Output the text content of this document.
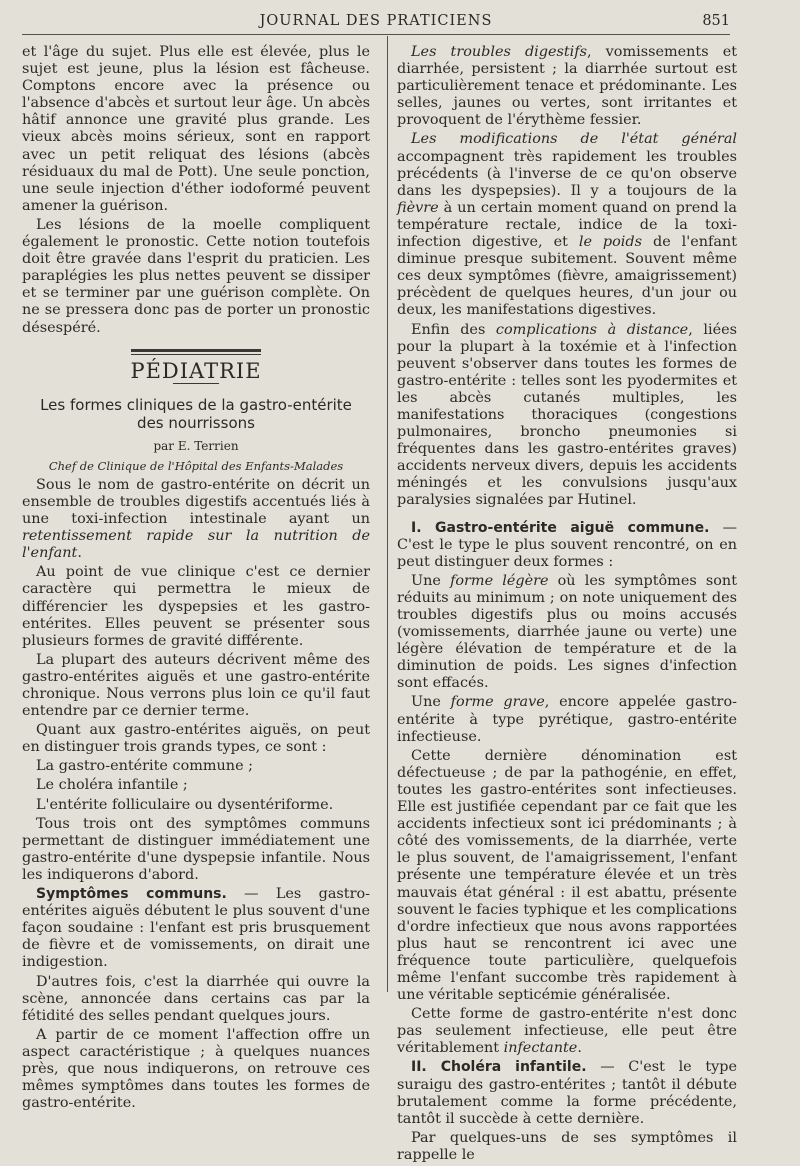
JOURNAL DES PRATICIENS	851

et l'âge du sujet. Plus elle est élevée, plus le sujet est jeune, plus la lésion est fâcheuse. Comptons encore avec la présence ou l'absence d'abcès et surtout leur âge. Un abcès hâtif annonce une gravité plus grande. Les vieux abcès moins sérieux, sont en rapport avec un petit reliquat des lésions (abcès résiduaux du mal de Pott). Une seule ponction, une seule injection d'éther iodoformé peuvent amener la guérison.

Les lésions de la moelle compliquent également le pronostic. Cette notion toutefois doit être gravée dans l'esprit du praticien. Les paraplégies les plus nettes peuvent se dissiper et se terminer par une guérison complète. On ne se pressera donc pas de porter un pronostic désespéré.

PÉDIATRIE
Les formes cliniques de la gastro-entérite
des nourrissons
par E. Terrien
Chef de Clinique de l'Hôpital des Enfants-Malades

Sous le nom de gastro-entérite on décrit un ensemble de troubles digestifs accentués liés à une toxi-infection intestinale ayant un retentissement rapide sur la nutrition de l'enfant.

Au point de vue clinique c'est ce dernier caractère qui permettra le mieux de différencier les dyspepsies et les gastro-entérites. Elles peuvent se présenter sous plusieurs formes de gravité différente.

La plupart des auteurs décrivent même des gastro-entérites aiguës et une gastro-entérite chronique. Nous verrons plus loin ce qu'il faut entendre par ce dernier terme.

Quant aux gastro-entérites aiguës, on peut en distinguer trois grands types, ce sont :

La gastro-entérite commune ;

Le choléra infantile ;

L'entérite folliculaire ou dysentériforme.

Tous trois ont des symptômes communs permettant de distinguer immédiatement une gastro-entérite d'une dyspepsie infantile. Nous les indiquerons d'abord.

Symptômes communs. — Les gastro-entérites aiguës débutent le plus souvent d'une façon soudaine : l'enfant est pris brusquement de fièvre et de vomissements, on dirait une indigestion.

D'autres fois, c'est la diarrhée qui ouvre la scène, annoncée dans certains cas par la fétidité des selles pendant quelques jours.

A partir de ce moment l'affection offre un aspect caractéristique ; à quelques nuances près, que nous indiquerons, on retrouve ces mêmes symptômes dans toutes les formes de gastro-entérite.

Les troubles digestifs, vomissements et diarrhée, persistent ; la diarrhée surtout est particulièrement tenace et prédominante. Les selles, jaunes ou vertes, sont irritantes et provoquent de l'érythème fessier.

Les modifications de l'état général accompagnent très rapidement les troubles précédents (à l'inverse de ce qu'on observe dans les dyspepsies). Il y a toujours de la fièvre à un certain moment quand on prend la température rectale, indice de la toxi-infection digestive, et le poids de l'enfant diminue presque subitement. Souvent même ces deux symptômes (fièvre, amaigrissement) précèdent de quelques heures, d'un jour ou deux, les manifestations digestives.

Enfin des complications à distance, liées pour la plupart à la toxémie et à l'infection peuvent s'observer dans toutes les formes de gastro-entérite : telles sont les pyodermites et les abcès cutanés multiples, les manifestations thoraciques (congestions pulmonaires, broncho pneumonies si fréquentes dans les gastro-entérites graves) accidents nerveux divers, depuis les accidents méningés et les convulsions jusqu'aux paralysies signalées par Hutinel.

I. Gastro-entérite aiguë commune. — C'est le type le plus souvent rencontré, on en peut distinguer deux formes :

Une forme légère où les symptômes sont réduits au minimum ; on note uniquement des troubles digestifs plus ou moins accusés (vomissements, diarrhée jaune ou verte) une légère élévation de température et de la diminution de poids. Les signes d'infection sont effacés.

Une forme grave, encore appelée gastro-entérite à type pyrétique, gastro-entérite infectieuse.

Cette dernière dénomination est défectueuse ; de par la pathogénie, en effet, toutes les gastro-entérites sont infectieuses. Elle est justifiée cependant par ce fait que les accidents infectieux sont ici prédominants ; à côté des vomissements, de la diarrhée, verte le plus souvent, de l'amaigrissement, l'enfant présente une température élevée et un très mauvais état général : il est abattu, présente souvent le facies typhique et les complications d'ordre infectieux que nous avons rapportées plus haut se rencontrent ici avec une fréquence toute particulière, quelquefois même l'enfant succombe très rapidement à une véritable septicémie généralisée.

Cette forme de gastro-entérite n'est donc pas seulement infectieuse, elle peut être véritablement infectante.

II. Choléra infantile. — C'est le type suraigu des gastro-entérites ; tantôt il débute brutalement comme la forme précédente, tantôt il succède à cette dernière.

Par quelques-uns de ses symptômes il rappelle le
